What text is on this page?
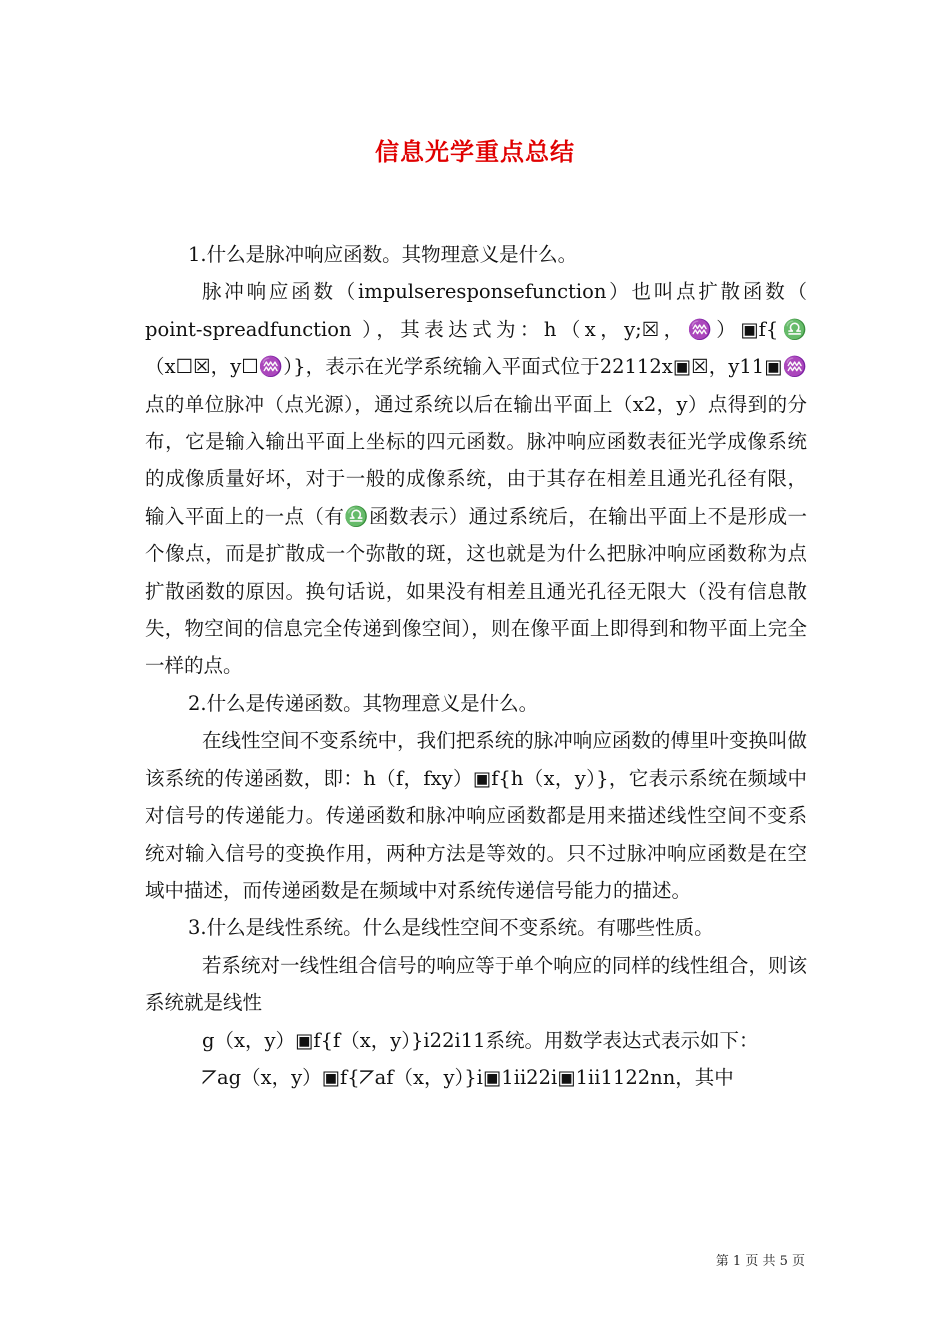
信息光学重点总结

1.什么是脉冲响应函数。其物理意义是什么。

脉冲响应函数（impulseresponsefunction）也叫点扩散函数（ point-spreadfunction ），其表达式为：h（x，y;☒，♒）▣f{♎（x☐☒，y☐♒）}，表示在光学系统输入平面式位于22112x▣☒，y11▣♒点的单位脉冲（点光源），通过系统以后在输出平面上（x2，y）点得到的分布，它是输入输出平面上坐标的四元函数。脉冲响应函数表征光学成像系统的成像质量好坏，对于一般的成像系统，由于其存在相差且通光孔径有限，输入平面上的一点（有♎函数表示）通过系统后，在输出平面上不是形成一个像点，而是扩散成一个弥散的斑，这也就是为什么把脉冲响应函数称为点扩散函数的原因。换句话说，如果没有相差且通光孔径无限大（没有信息散失，物空间的信息完全传递到像空间），则在像平面上即得到和物平面上完全一样的点。

2.什么是传递函数。其物理意义是什么。

在线性空间不变系统中，我们把系统的脉冲响应函数的傅里叶变换叫做该系统的传递函数，即：h（f，fxy）▣f{h（x，y）}，它表示系统在频域中对信号的传递能力。传递函数和脉冲响应函数都是用来描述线性空间不变系统对输入信号的变换作用，两种方法是等效的。只不过脉冲响应函数是在空域中描述，而传递函数是在频域中对系统传递信号能力的描述。

3.什么是线性系统。什么是线性空间不变系统。有哪些性质。

若系统对一线性组合信号的响应等于单个响应的同样的线性组合，则该系统就是线性

g（x，y）▣f{f（x，y）}i22i11系统。用数学表达式表示如下：

⦢ag（x，y）▣f{⦢af（x，y）}i▣1ii22i▣1ii1122nn，其中

第 1 页 共 5 页
